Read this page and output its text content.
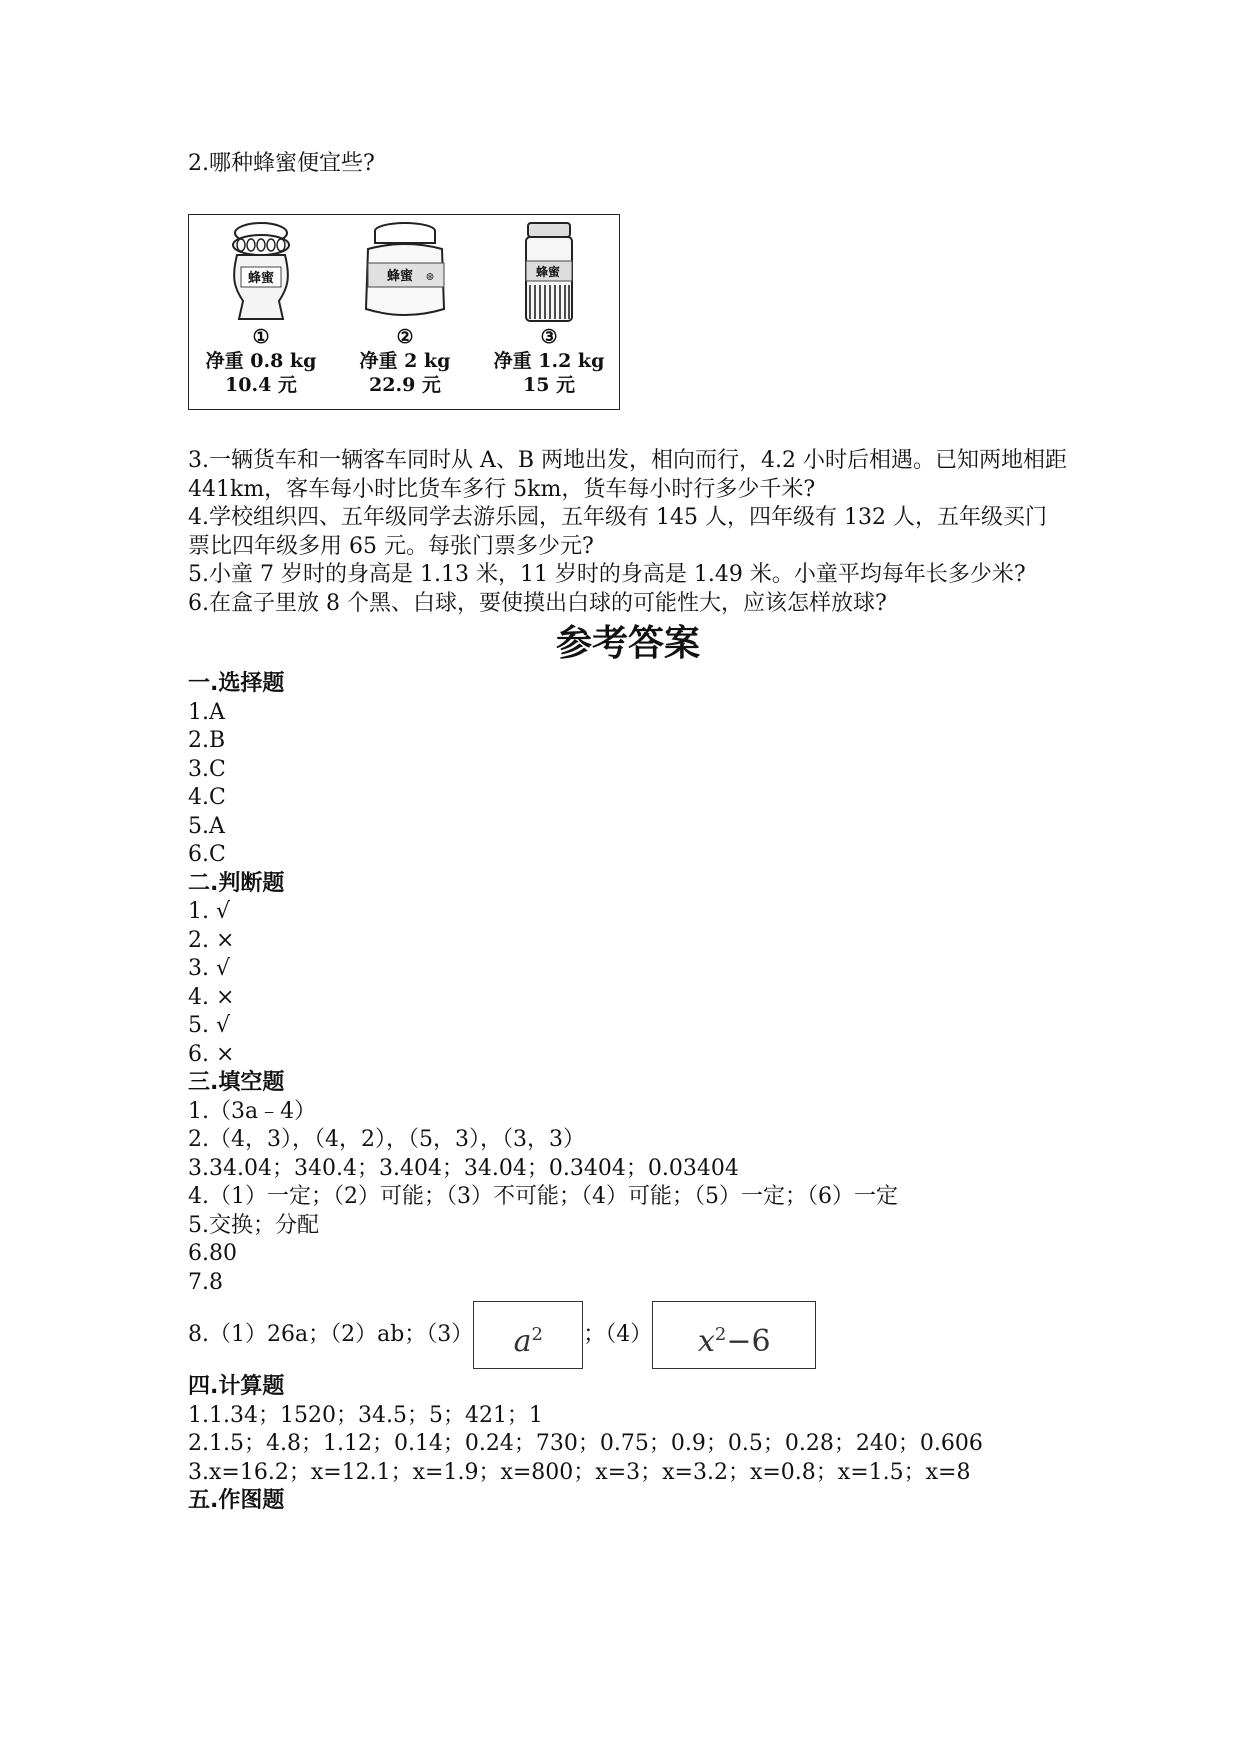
2.哪种蜂蜜便宜些?
蜂蜜
①
净重 0.8 kg
10.4 元
蜂蜜 ⊛
②
净重 2 kg
22.9 元
蜂蜜
③
净重 1.2 kg
15 元
3.一辆货车和一辆客车同时从 A、B 两地出发，相向而行，4.2 小时后相遇。已知两地相距 441km，客车每小时比货车多行 5km，货车每小时行多少千米?
4.学校组织四、五年级同学去游乐园，五年级有 145 人，四年级有 132 人，五年级买门票比四年级多用 65 元。每张门票多少元?
5.小童 7 岁时的身高是 1.13 米，11 岁时的身高是 1.49 米。小童平均每年长多少米?
6.在盒子里放 8 个黑、白球，要使摸出白球的可能性大，应该怎样放球?
参考答案
一.选择题
1.A
2.B
3.C
4.C
5.A
6.C
二.判断题
1. √
2. ×
3. √
4. ×
5. √
6. ×
三.填空题
1.（3a﹣4）
2.（4，3），（4，2），（5，3），（3，3）
3.34.04；340.4；3.404；34.04；0.3404；0.03404
4.（1）一定；（2）可能；（3）不可能；（4）可能；（5）一定；（6）一定
5.交换；分配
6.80
7.8
8.（1）26a；（2）ab；（3） $a^2$ ；（4） $x^2-6$
四.计算题
1.1.34；1520；34.5；5；421；1
2.1.5；4.8；1.12；0.14；0.24；730；0.75；0.9；0.5；0.28；240；0.606
3.x=16.2；x=12.1；x=1.9；x=800；x=3；x=3.2；x=0.8；x=1.5；x=8
五.作图题
